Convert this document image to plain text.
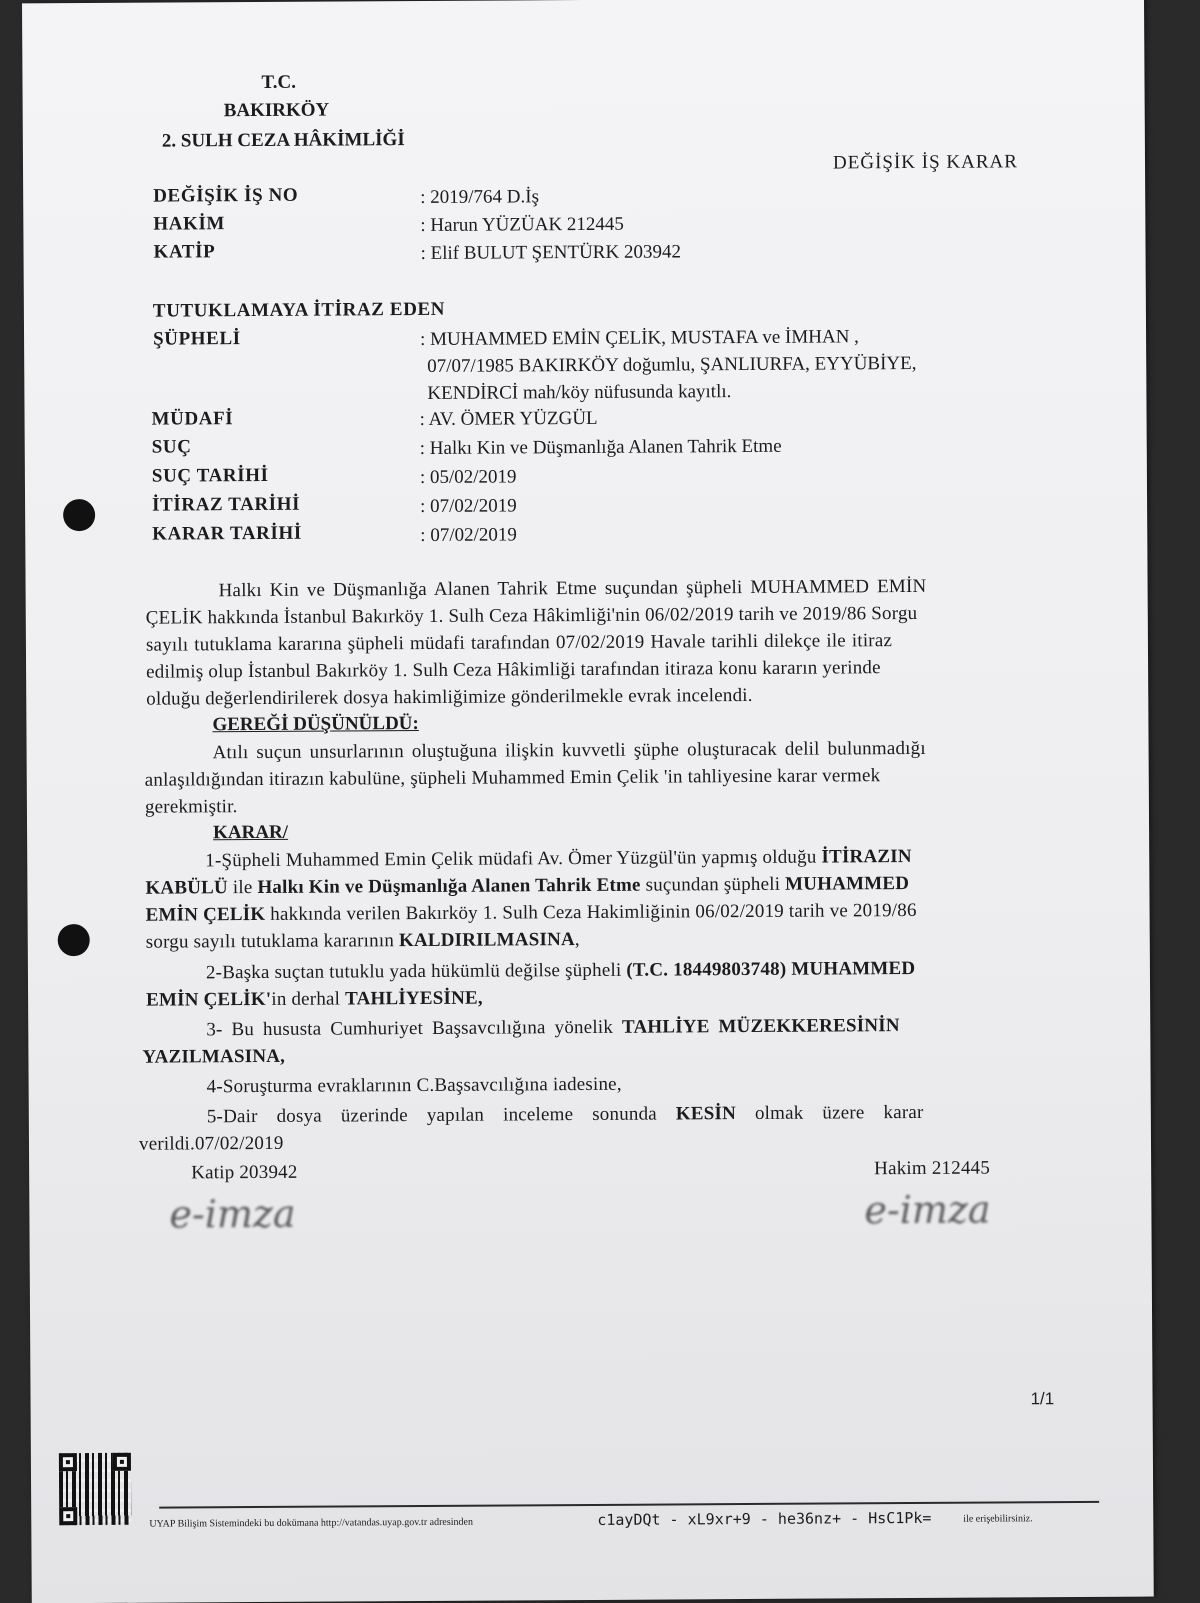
T.C.
BAKIRKÖY
2. SULH CEZA HÂKİMLİĞİ
DEĞİŞİK İŞ KARAR
DEĞİŞİK İŞ NO	: 2019/764 D.İş
HAKİM	: Harun YÜZÜAK 212445
KATİP	: Elif BULUT ŞENTÜRK 203942
TUTUKLAMAYA İTİRAZ EDEN
ŞÜPHELİ	: MUHAMMED EMİN ÇELİK, MUSTAFA ve İMHAN ,
07/07/1985 BAKIRKÖY doğumlu, ŞANLIURFA, EYYÜBİYE,
KENDİRCİ mah/köy nüfusunda kayıtlı.
MÜDAFİ	: AV. ÖMER YÜZGÜL
SUÇ	: Halkı Kin ve Düşmanlığa Alanen Tahrik Etme
SUÇ TARİHİ	: 05/02/2019
İTİRAZ TARİHİ	: 07/02/2019
KARAR TARİHİ	: 07/02/2019
Halkı Kin ve Düşmanlığa Alanen Tahrik Etme suçundan şüpheli MUHAMMED EMİN
ÇELİK hakkında İstanbul Bakırköy 1. Sulh Ceza Hâkimliği'nin 06/02/2019 tarih ve 2019/86 Sorgu
sayılı tutuklama kararına şüpheli müdafi tarafından 07/02/2019 Havale tarihli dilekçe ile itiraz
edilmiş olup İstanbul Bakırköy 1. Sulh Ceza Hâkimliği tarafından itiraza konu kararın yerinde
olduğu değerlendirilerek dosya hakimliğimize gönderilmekle evrak incelendi.
GEREĞİ DÜŞÜNÜLDÜ:
Atılı suçun unsurlarının oluştuğuna ilişkin kuvvetli şüphe oluşturacak delil bulunmadığı
anlaşıldığından itirazın kabulüne, şüpheli Muhammed Emin Çelik 'in tahliyesine karar vermek
gerekmiştir.
KARAR/
1-Şüpheli Muhammed Emin Çelik müdafi Av. Ömer Yüzgül'ün yapmış olduğu İTİRAZIN
KABÜLÜ ile Halkı Kin ve Düşmanlığa Alanen Tahrik Etme suçundan şüpheli MUHAMMED
EMİN ÇELİK hakkında verilen Bakırköy 1. Sulh Ceza Hakimliğinin 06/02/2019 tarih ve 2019/86
sorgu sayılı tutuklama kararının KALDIRILMASINA,
2-Başka suçtan tutuklu yada hükümlü değilse şüpheli (T.C. 18449803748) MUHAMMED
EMİN ÇELİK'in derhal TAHLİYESİNE,
3- Bu hususta Cumhuriyet Başsavcılığına yönelik TAHLİYE MÜZEKKERESİNİN
YAZILMASINA,
4-Soruşturma evraklarının C.Başsavcılığına iadesine,
5-Dair dosya üzerinde yapılan inceleme sonunda KESİN olmak üzere karar
verildi.07/02/2019
Katip 203942	Hakim 212445
e-imza	e-imza
1/1
UYAP Bilişim Sistemindeki bu dokümana http://vatandas.uyap.gov.tr adresinden	c1ayDQt - xL9xr+9 - he36nz+ - HsC1Pk=	ile erişebilirsiniz.
